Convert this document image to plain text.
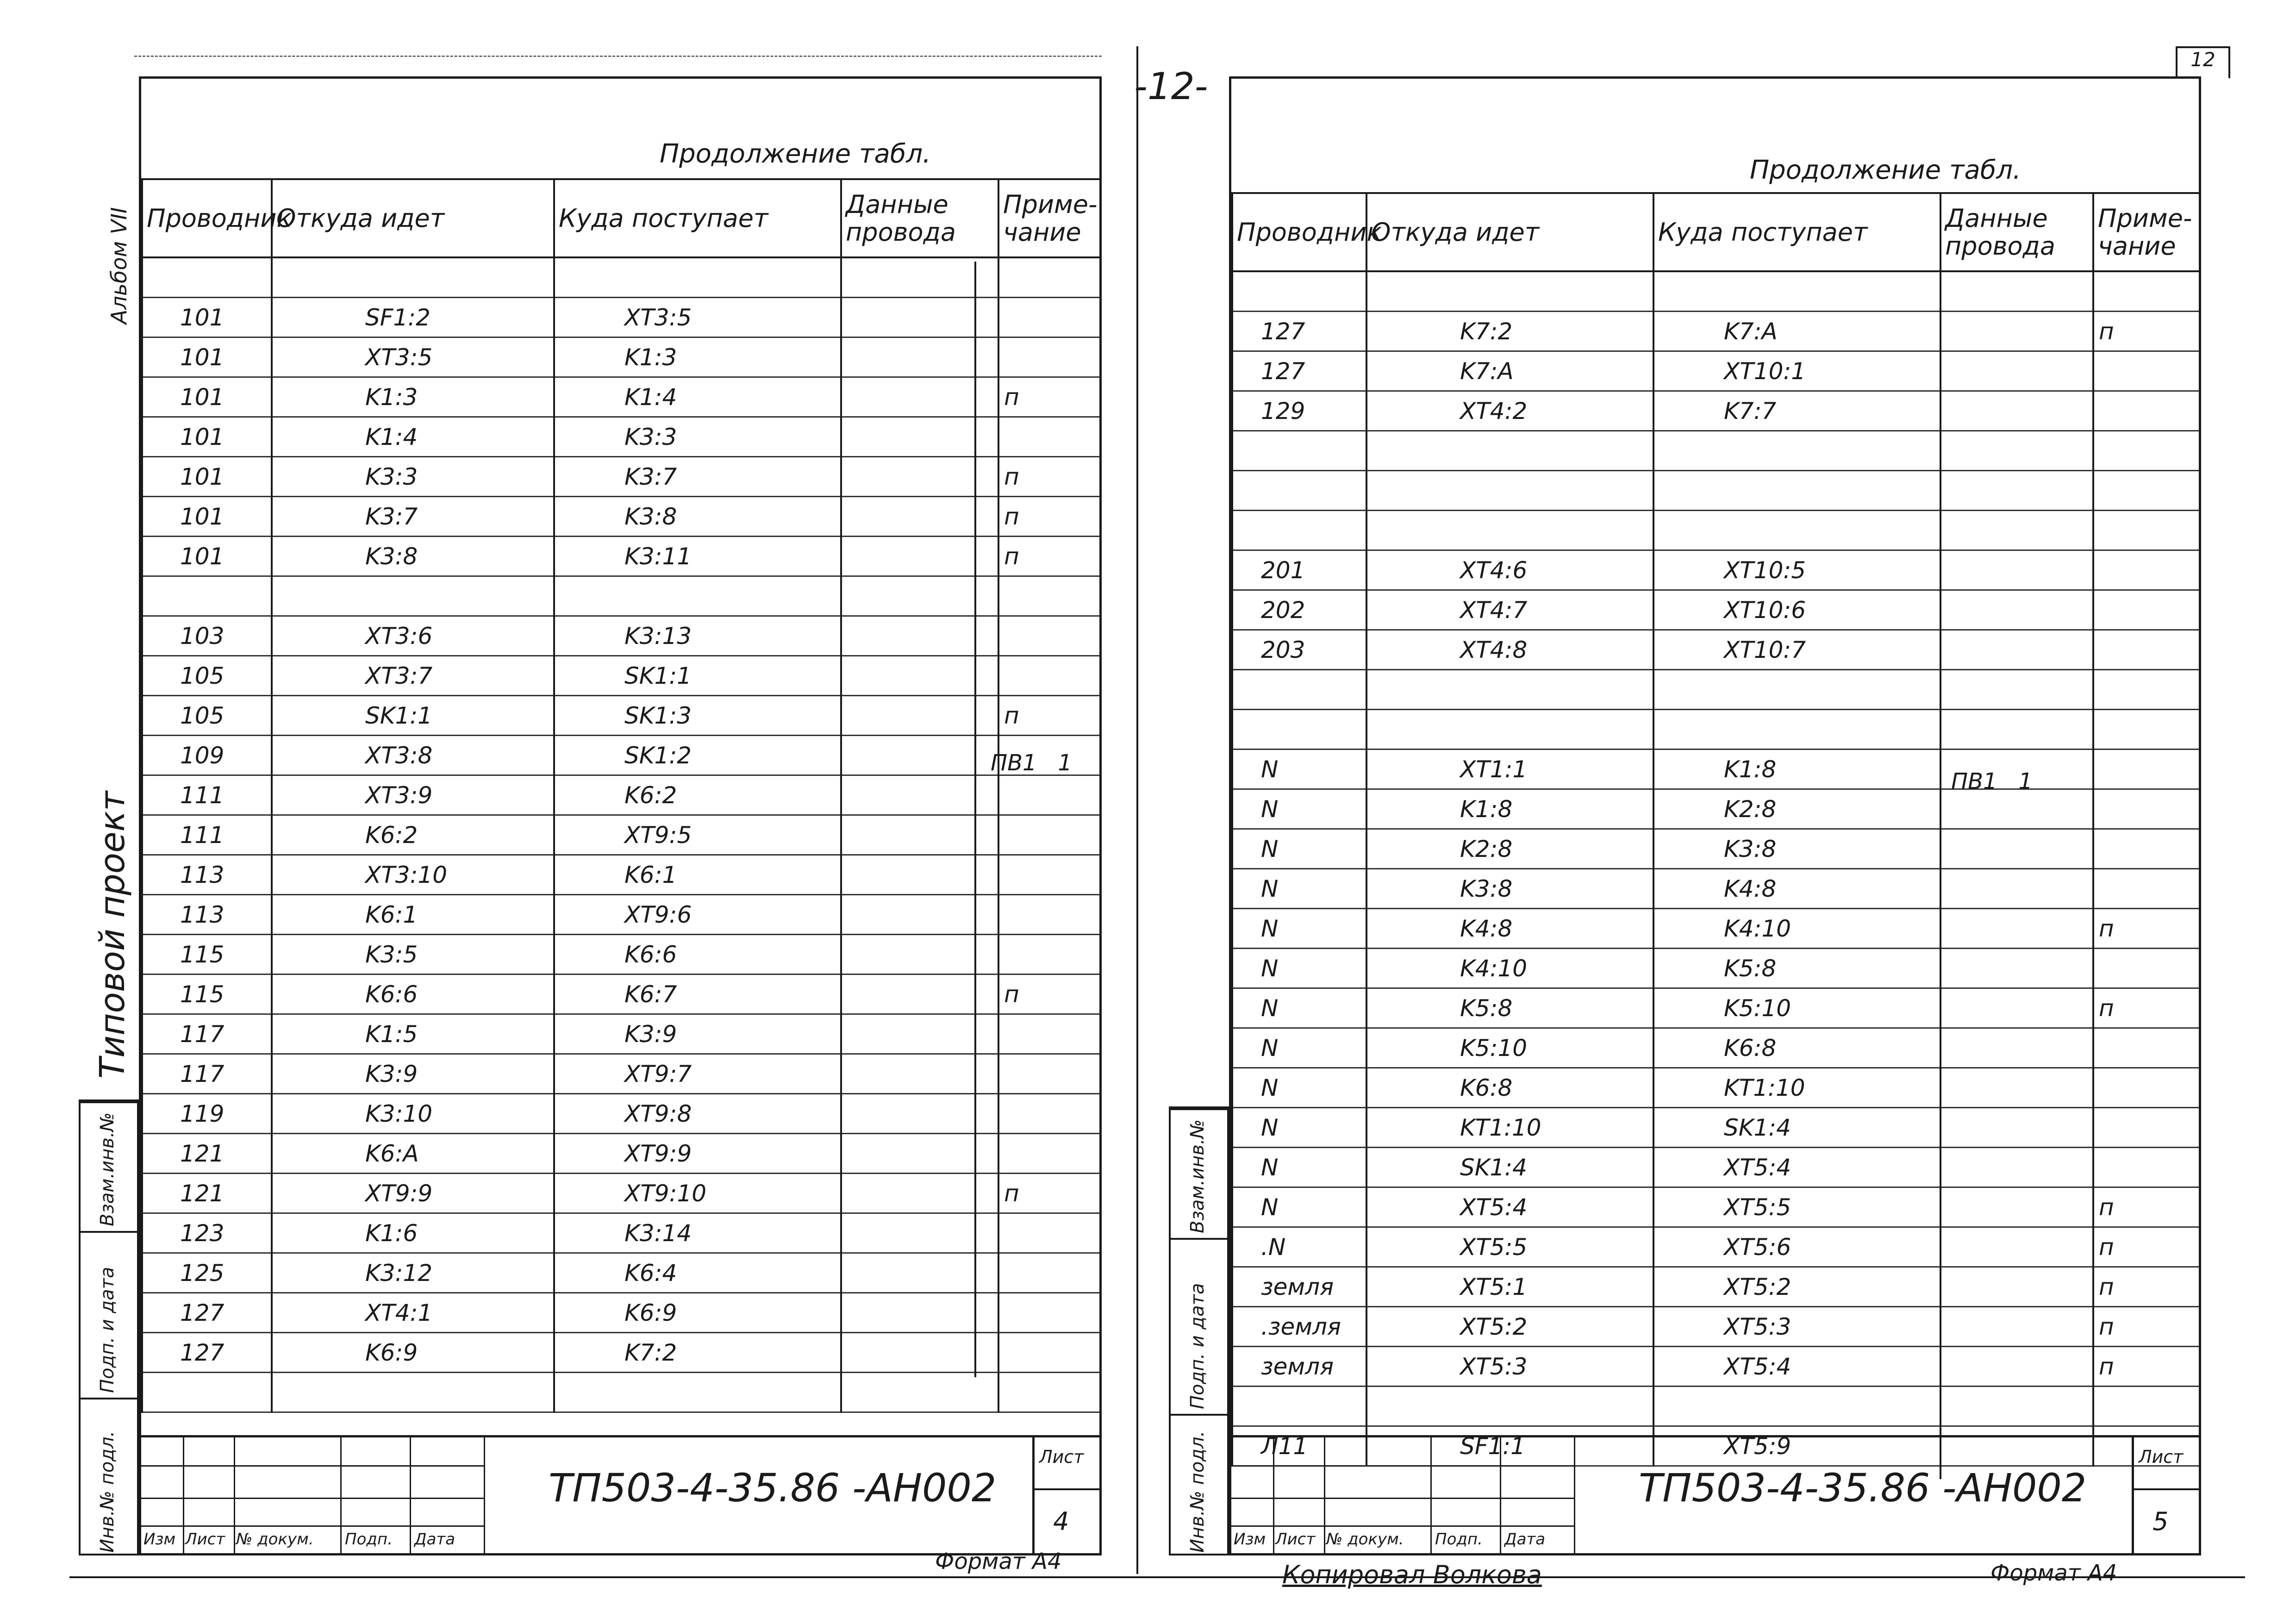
Альбом VII
Типовой проект
-12-
12
Взам.инв.№
Подп. и дата
Инв.№ подл.
Взам.инв.№
Подп. и дата
Инв.№ подл.
Продолжение табл.
Проводник	Откуда идет	Куда поступает	Данные провода	Приме-чание

101	SF1:2	XT3:5		
101	XT3:5	K1:3		
101	K1:3	K1:4		п
101	K1:4	K3:3		
101	K3:3	K3:7		п
101	K3:7	K3:8		п
101	K3:8	K3:11		п

103	XT3:6	K3:13		
105	XT3:7	SK1:1		
105	SK1:1	SK1:3		п
109	XT3:8	SK1:2		
111	XT3:9	K6:2		
111	K6:2	XT9:5		
113	XT3:10	K6:1		
113	K6:1	XT9:6		
115	K3:5	K6:6		
115	K6:6	K6:7		п
117	K1:5	K3:9		
117	K3:9	XT9:7		
119	K3:10	XT9:8		
121	K6:А	XT9:9		
121	XT9:9	XT9:10		п
123	K1:6	K3:14		
125	K3:12	K6:4		
127	XT4:1	K6:9		
127	K6:9	K7:2		

ПВ1   1
Изм Лист № докум. Подп. Дата
ТП503-4-35.86 -АН002
Лист
4
Формат А4
Продолжение табл.
Проводник	Откуда идет	Куда поступает	Данные провода	Приме-чание

127	K7:2	K7:А		п
127	K7:А	XT10:1		
129	XT4:2	K7:7		

201	XT4:6	XT10:5		
202	XT4:7	XT10:6		
203	XT4:8	XT10:7		

N	XT1:1	K1:8		
N	K1:8	K2:8		
N	K2:8	K3:8		
N	K3:8	K4:8		
N	K4:8	K4:10		п
N	K4:10	K5:8		
N	K5:8	K5:10		п
N	K5:10	K6:8		
N	K6:8	KT1:10		
N	KT1:10	SK1:4		
N	SK1:4	XT5:4		
N	XT5:4	XT5:5		п
.N	XT5:5	XT5:6		п
земля	XT5:1	XT5:2		п
.земля	XT5:2	XT5:3		п
земля	XT5:3	XT5:4		п

Л11	SF1:1	XT5:9		
ПВ1   1
Изм Лист № докум. Подп. Дата
ТП503-4-35.86 -АН002
Лист
5
Копировал Волкова	Формат А4
